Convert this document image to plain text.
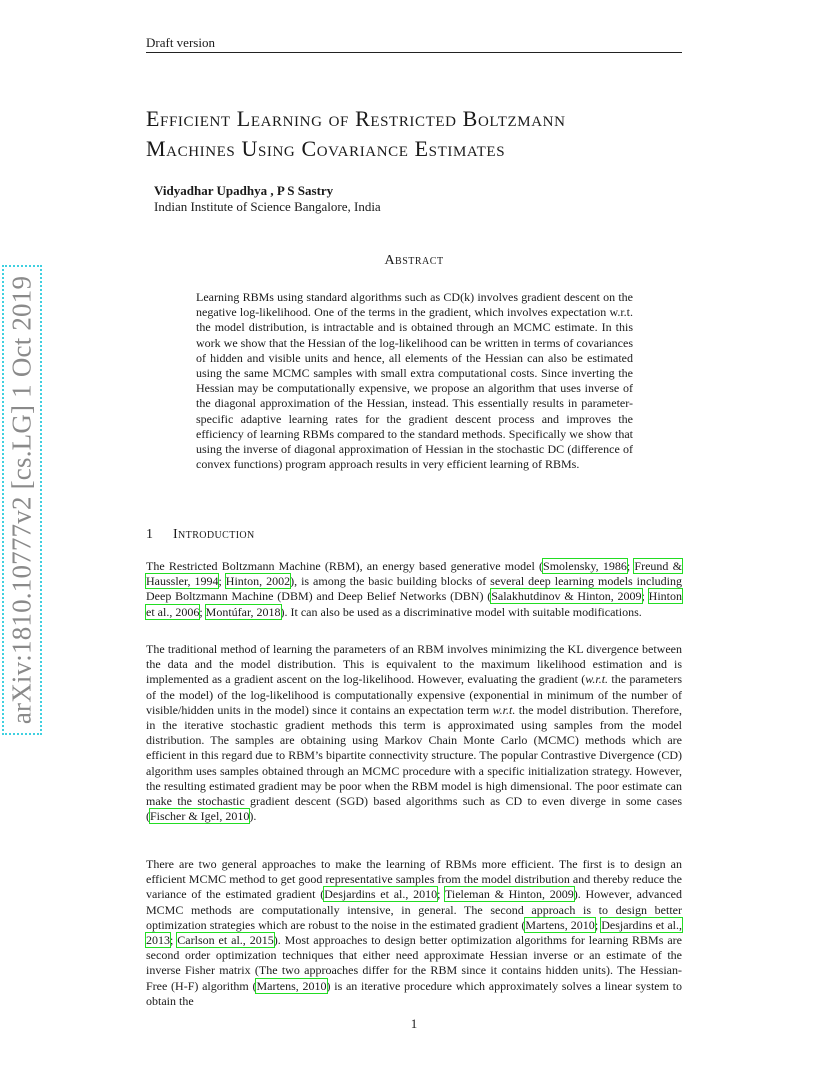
Draft version
arXiv:1810.10777v2 [cs.LG] 1 Oct 2019
Efficient Learning of Restricted Boltzmann
Machines Using Covariance Estimates
Vidyadhar Upadhya , P S Sastry
Indian Institute of Science Bangalore, India
Abstract
Learning RBMs using standard algorithms such as CD(k) involves gradient descent on the negative log-likelihood. One of the terms in the gradient, which involves expectation w.r.t. the model distribution, is intractable and is obtained through an MCMC estimate. In this work we show that the Hessian of the log-likelihood can be written in terms of covariances of hidden and visible units and hence, all elements of the Hessian can also be estimated using the same MCMC samples with small extra computational costs. Since inverting the Hessian may be computationally expensive, we propose an algorithm that uses inverse of the diagonal approximation of the Hessian, instead. This essentially results in parameter-specific adaptive learning rates for the gradient descent process and improves the efficiency of learning RBMs compared to the standard methods. Specifically we show that using the inverse of diagonal approximation of Hessian in the stochastic DC (difference of convex functions) program approach results in very efficient learning of RBMs.
1 Introduction

The Restricted Boltzmann Machine (RBM), an energy based generative model (Smolensky, 1986; Freund & Haussler, 1994; Hinton, 2002), is among the basic building blocks of several deep learning models including Deep Boltzmann Machine (DBM) and Deep Belief Networks (DBN) (Salakhutdinov & Hinton, 2009; Hinton et al., 2006; Montúfar, 2018). It can also be used as a discriminative model with suitable modifications.

The traditional method of learning the parameters of an RBM involves minimizing the KL divergence between the data and the model distribution. This is equivalent to the maximum likelihood estimation and is implemented as a gradient ascent on the log-likelihood. However, evaluating the gradient (w.r.t. the parameters of the model) of the log-likelihood is computationally expensive (exponential in minimum of the number of visible/hidden units in the model) since it contains an expectation term w.r.t. the model distribution. Therefore, in the iterative stochastic gradient methods this term is approximated using samples from the model distribution. The samples are obtaining using Markov Chain Monte Carlo (MCMC) methods which are efficient in this regard due to RBM’s bipartite connectivity structure. The popular Contrastive Divergence (CD) algorithm uses samples obtained through an MCMC procedure with a specific initialization strategy. However, the resulting estimated gradient may be poor when the RBM model is high dimensional. The poor estimate can make the stochastic gradient descent (SGD) based algorithms such as CD to even diverge in some cases (Fischer & Igel, 2010).

There are two general approaches to make the learning of RBMs more efficient. The first is to design an efficient MCMC method to get good representative samples from the model distribution and thereby reduce the variance of the estimated gradient (Desjardins et al., 2010; Tieleman & Hinton, 2009). However, advanced MCMC methods are computationally intensive, in general. The second approach is to design better optimization strategies which are robust to the noise in the estimated gradient (Martens, 2010; Desjardins et al., 2013; Carlson et al., 2015). Most approaches to design better optimization algorithms for learning RBMs are second order optimization techniques that either need approximate Hessian inverse or an estimate of the inverse Fisher matrix (The two approaches differ for the RBM since it contains hidden units). The Hessian-Free (H-F) algorithm (Martens, 2010) is an iterative procedure which approximately solves a linear system to obtain the

1
